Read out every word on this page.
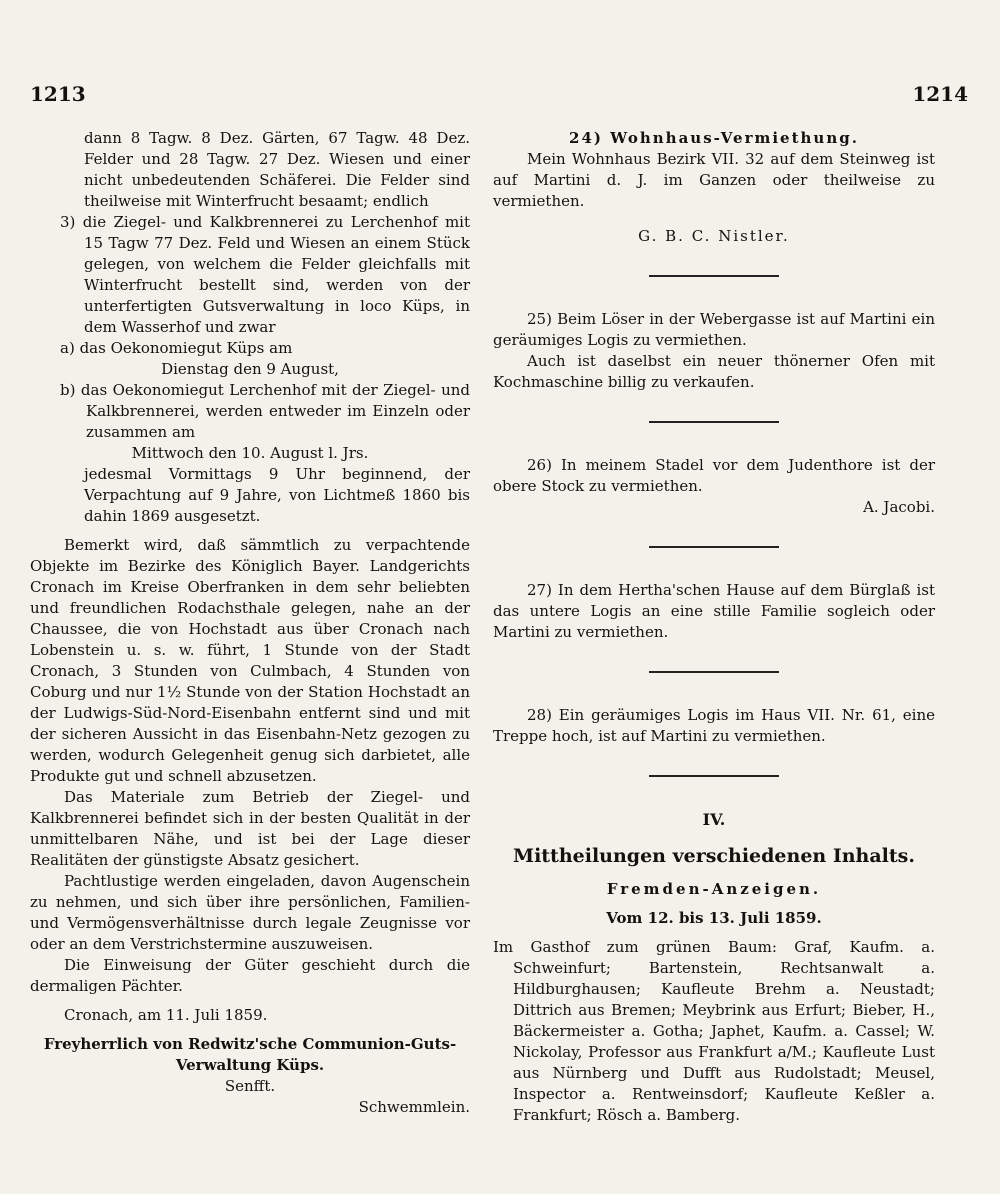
1213	1214

dann 8 Tagw. 8 Dez. Gärten, 67 Tagw. 48 Dez. Felder und 28 Tagw. 27 Dez. Wiesen und einer nicht unbedeutenden Schäferei. Die Felder sind theilweise mit Winterfrucht besaamt; endlich

3) die Ziegel- und Kalkbrennerei zu Lerchenhof mit 15 Tagw 77 Dez. Feld und Wiesen an einem Stück gelegen, von welchem die Felder gleichfalls mit Winterfrucht bestellt sind, werden von der unterfertigten Gutsverwaltung in loco Küps, in dem Wasserhof und zwar

a) das Oekonomiegut Küps am

Dienstag den 9 August,

b) das Oekonomiegut Lerchenhof mit der Ziegel- und Kalkbrennerei, werden entweder im Einzeln oder zusammen am

Mittwoch den 10. August l. Jrs.

jedesmal Vormittags 9 Uhr beginnend, der Verpachtung auf 9 Jahre, von Lichtmeß 1860 bis dahin 1869 ausgesetzt.

Bemerkt wird, daß sämmtlich zu verpachtende Objekte im Bezirke des Königlich Bayer. Landgerichts Cronach im Kreise Oberfranken in dem sehr beliebten und freundlichen Rodachsthale gelegen, nahe an der Chaussee, die von Hochstadt aus über Cronach nach Lobenstein u. s. w. führt, 1 Stunde von der Stadt Cronach, 3 Stunden von Culmbach, 4 Stunden von Coburg und nur 1½ Stunde von der Station Hochstadt an der Ludwigs-Süd-Nord-Eisenbahn entfernt sind und mit der sicheren Aussicht in das Eisenbahn-Netz gezogen zu werden, wodurch Gelegenheit genug sich darbietet, alle Produkte gut und schnell abzusetzen.

Das Materiale zum Betrieb der Ziegel- und Kalkbrennerei befindet sich in der besten Qualität in der unmittelbaren Nähe, und ist bei der Lage dieser Realitäten der günstigste Absatz gesichert.

Pachtlustige werden eingeladen, davon Augenschein zu nehmen, und sich über ihre persönlichen, Familien- und Vermögensverhältnisse durch legale Zeugnisse vor oder an dem Verstrichstermine auszuweisen.

Die Einweisung der Güter geschieht durch die dermaligen Pächter.

Cronach, am 11. Juli 1859.

Freyherrlich von Redwitz'sche Communion-Guts-Verwaltung Küps.

Senfft.

Schwemmlein.

24) Wohnhaus-Vermiethung.

Mein Wohnhaus Bezirk VII. 32 auf dem Steinweg ist auf Martini d. J. im Ganzen oder theilweise zu vermiethen.

G. B. C. Nistler.

25) Beim Löser in der Webergasse ist auf Martini ein geräumiges Logis zu vermiethen.

Auch ist daselbst ein neuer thönerner Ofen mit Kochmaschine billig zu verkaufen.

26) In meinem Stadel vor dem Judenthore ist der obere Stock zu vermiethen.

A. Jacobi.

27) In dem Hertha'schen Hause auf dem Bürglaß ist das untere Logis an eine stille Familie sogleich oder Martini zu vermiethen.

28) Ein geräumiges Logis im Haus VII. Nr. 61, eine Treppe hoch, ist auf Martini zu vermiethen.

IV.
Mittheilungen verschiedenen Inhalts.
Fremden-Anzeigen.
Vom 12. bis 13. Juli 1859.

Im Gasthof zum grünen Baum: Graf, Kaufm. a. Schweinfurt; Bartenstein, Rechtsanwalt a. Hildburghausen; Kaufleute Brehm a. Neustadt; Dittrich aus Bremen; Meybrink aus Erfurt; Bieber, H., Bäckermeister a. Gotha; Japhet, Kaufm. a. Cassel; W. Nickolay, Professor aus Frankfurt a/M.; Kaufleute Lust aus Nürnberg und Dufft aus Rudolstadt; Meusel, Inspector a. Rentweinsdorf; Kaufleute Keßler a. Frankfurt; Rösch a. Bamberg.
